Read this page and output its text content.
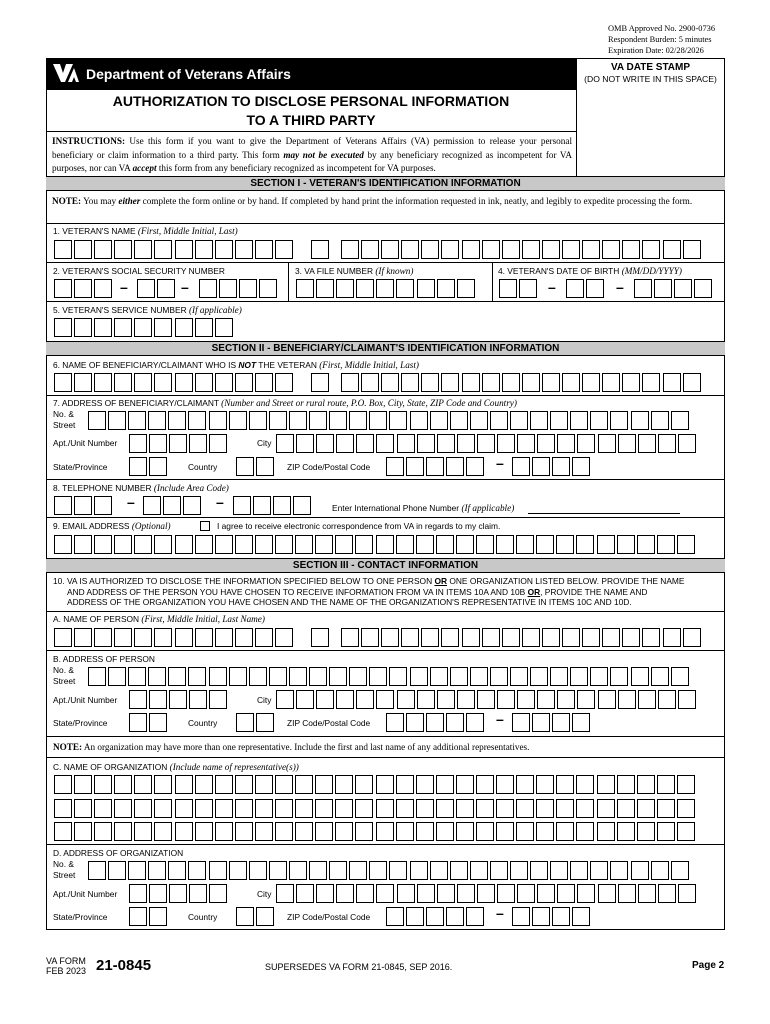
OMB Approved No. 2900-0736
Respondent Burden: 5 minutes
Expiration Date: 02/28/2026
Department of Veterans Affairs	VA DATE STAMP
(DO NOT WRITE IN THIS SPACE)
AUTHORIZATION TO DISCLOSE PERSONAL INFORMATION
TO A THIRD PARTY
INSTRUCTIONS: Use this form if you want to give the Department of Veterans Affairs (VA) permission to release your personal beneficiary or claim information to a third party. This form may not be executed by any beneficiary recognized as incompetent for VA purposes, nor can VA accept this form from any beneficiary recognized as incompetent for VA purposes.
SECTION I - VETERAN'S IDENTIFICATION INFORMATION
NOTE: You may either complete the form online or by hand. If completed by hand print the information requested in ink, neatly, and legibly to expedite processing the form.
1. VETERAN'S NAME (First, Middle Initial, Last)
2. VETERAN'S SOCIAL SECURITY NUMBER	3. VA FILE NUMBER (If known)	4. VETERAN'S DATE OF BIRTH (MM/DD/YYYY)
–	–	–	–
5. VETERAN'S SERVICE NUMBER (If applicable)
SECTION II - BENEFICIARY/CLAIMANT'S IDENTIFICATION INFORMATION
6. NAME OF BENEFICIARY/CLAIMANT WHO IS NOT THE VETERAN (First, Middle Initial, Last)
7. ADDRESS OF BENEFICIARY/CLAIMANT (Number and Street or rural route, P.O. Box, City, State, ZIP Code and Country)
No. &
Street
Apt./Unit Number	City
State/Province	Country	ZIP Code/Postal Code	–
8. TELEPHONE NUMBER (Include Area Code)
–	–	Enter International Phone Number (If applicable)
9. EMAIL ADDRESS (Optional)	I agree to receive electronic correspondence from VA in regards to my claim.
SECTION III - CONTACT INFORMATION
10. VA IS AUTHORIZED TO DISCLOSE THE INFORMATION SPECIFIED BELOW TO ONE PERSON OR ONE ORGANIZATION LISTED BELOW. PROVIDE THE NAME
AND ADDRESS OF THE PERSON YOU HAVE CHOSEN TO RECEIVE INFORMATION FROM VA IN ITEMS 10A AND 10B OR, PROVIDE THE NAME AND
ADDRESS OF THE ORGANIZATION YOU HAVE CHOSEN AND THE NAME OF THE ORGANIZATION'S REPRESENTATIVE IN ITEMS 10C AND 10D.
A. NAME OF PERSON (First, Middle Initial, Last Name)
B. ADDRESS OF PERSON
No. &
Street
Apt./Unit Number	City
State/Province	Country	ZIP Code/Postal Code	–
NOTE: An organization may have more than one representative. Include the first and last name of any additional representatives.
C. NAME OF ORGANIZATION (Include name of representative(s))
D. ADDRESS OF ORGANIZATION
No. &
Street
Apt./Unit Number	City
State/Province	Country	ZIP Code/Postal Code	–
VA FORM
FEB 2023 21-0845	SUPERSEDES VA FORM 21-0845, SEP 2016.	Page 2
